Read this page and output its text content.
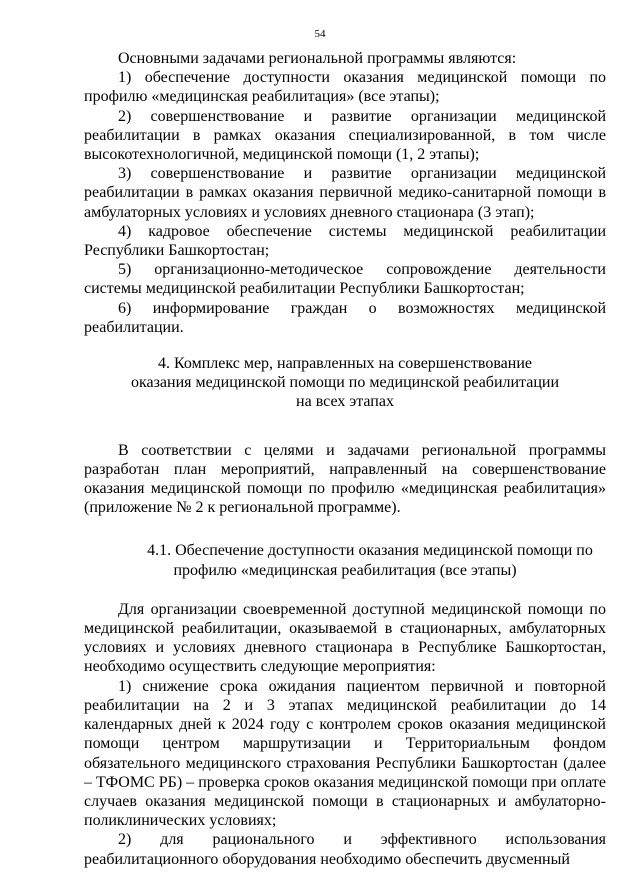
54

Основными задачами региональной программы являются:

1) обеспечение доступности оказания медицинской помощи по профилю «медицинская реабилитация» (все этапы);

2) совершенствование и развитие организации медицинской реабилитации в рамках оказания специализированной, в том числе высокотехнологичной, медицинской помощи (1, 2 этапы);

3) совершенствование и развитие организации медицинской реабилитации в рамках оказания первичной медико-санитарной помощи в амбулаторных условиях и условиях дневного стационара (3 этап);

4) кадровое обеспечение системы медицинской реабилитации Республики Башкортостан;

5) организационно-методическое сопровождение деятельности системы медицинской реабилитации Республики Башкортостан;

6) информирование граждан о возможностях медицинской реабилитации.

4. Комплекс мер, направленных на совершенствование
оказания медицинской помощи по медицинской реабилитации
на всех этапах

В соответствии с целями и задачами региональной программы разработан план мероприятий, направленный на совершенствование оказания медицинской помощи по профилю «медицинская реабилитация» (приложение № 2 к региональной программе).

4.1. Обеспечение доступности оказания медицинской помощи по
профилю «медицинская реабилитация (все этапы)

Для организации своевременной доступной медицинской помощи по медицинской реабилитации, оказываемой в стационарных, амбулаторных условиях и условиях дневного стационара в Республике Башкортостан, необходимо осуществить следующие мероприятия:

1) снижение срока ожидания пациентом первичной и повторной реабилитации на 2 и 3 этапах медицинской реабилитации до 14 календарных дней к 2024 году с контролем сроков оказания медицинской помощи центром маршрутизации и Территориальным фондом обязательного медицинского страхования Республики Башкортостан (далее – ТФОМС РБ) – проверка сроков оказания медицинской помощи при оплате случаев оказания медицинской помощи в стационарных и амбулаторно-поликлинических условиях;

2) для рационального и эффективного использования реабилитационного оборудования необходимо обеспечить двусменный
